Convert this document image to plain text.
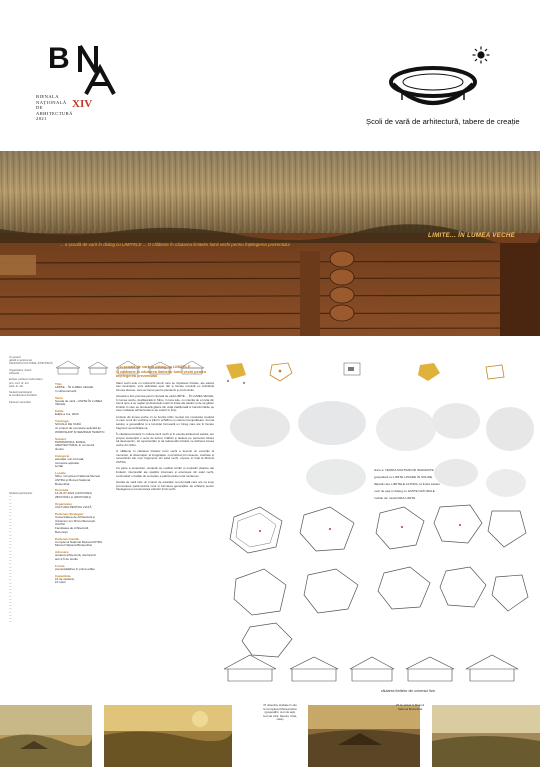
B
BIENALA
NAȚIONALĂ
DE
ARHITECTURĂ
2021
XIV
Școli de vară de arhitectură, tabere de creație
... o școală de vară în dialog cu LIMITELE ... O călătorie în căutarea limitelor lumii vechi pentru înțelegerea prezentului
LIMITE... ÎN LUMEA VECHE
Un proiect
gândit și susținut de
ASOCIAȚIA CULTURAL-ȘTIINȚIFICĂ

Organizatori, Autori:
Arhitecții ...

Echipa: profesori îndrumători
prin: conf. dr. arh.
asist. dr. arh.

Studenți participanți
la coordonarea lucrărilor

Partener secundari
Studenți participanți:
—
—
—
—
—
—
—
—
—
—
—
—
—
—
—
—
—
—
—
—
—
—
—
—
—
—
—
—
—
—
—
—
—
—
—
—
—
—
—
—
Titlu
LIMITE... ÎN LUMEA VECHE
în stil/construcții
Tema
Școala de vară - LIMITE ÎN LUMEA VECHE
Ediție
Ediția a II-a, 2020
Tipologie
ȘCOALĂ DE VARĂ
un proiect de cercetare aplicată tip
WORKSHOP ȘI SEMINAR TEMATIC
Subiect
PATRIMONIUL RURAL
ARHITECTURAL în contextul
timului
Categorie
educație non-formală,
cercetare aplicată,
lucrări
Locație
Sibiu, Complexul Național Muzeal
ASTRA și Muzeul Național
Brukenthal
Perioada
12-21.07.2021 (11/07/2021)
28/07/2021 și (20/07/2021)
Organizator
CULTURA PENTRU VIAȚĂ
Parteneri Strategici
Universitatea de Arhitectură și
Urbanism Ion Mincu București
UAUIM
Facultatea de Arhitectură
București
Parteneri Gazdă
Complexul Național Muzeal ASTRA
Muzeul Național Brukenthal
Adresare
studenți arhitectură, doctoranzi
anii 2-5 de studiu
Forma
prezențială/live în prima ediție
Capacitate
16 de studenți,
10 tutori
... o școală de vară în dialog cu LIMITELE
O călătorie în căutarea limitelor lumii vechi pentru
înțelegerea prezentului

Satul vechi este un mănunchi istoric care se împletesc limitele, ale satului sau locuințelor, sunt delimitate spre dar și fiecare locuință eu individual formea diverse, care au trecut pentru pandemii și prezentului.

Aceasta a fost premisa pentru Școala de vară LIMITE ... ÎN LUMEA VECHE, în lumea veche, desfășurată în Sibiu, în luna iulie, cu intenția de a invita din trecut spre a se regăsi profesioniștii noștri la limite ale satului și de sa găsim limitele în care se derulează găsire din viața tradițională și transformările pe care modelele arhitecturale le-au suferit în timp.

Limitele din lumea veche, în ce funcție trăim mental, fac constanta modului în care omul din vechime a trăit în echilibru cu natura înconjurătoare. Forma satului, a gospodăriei și a locuinței formează un întreg care are în fiecare fragment semnificația sa.

În căutarea limitelor în cultura lumii vechi și în esența arhitecturii satului, am propus studenților o serie de lecturi, întâlniri și ateliere pe parcursul cărora să descoperim, să reprezentăm și să redesenăm limitele ce definesc lumea veche din Sibiu.

O călătorie în căutarea limitelor lumii vechi a devenit un exercițiu al memoriei, al observației, al imaginației, concretizat prin desene, machete și reconstituiri ale unor fragmente din satul vechi, expuse în final la Muzeul ASTRA.

Ca parte a proiectului, studenții au realizat lucrări și explorări plastice ale limitelor, interpretări ale spațiilor interioare și exterioare din satul vechi, continuând o tradiție de cercetare a patrimoniului rural românesc.

Școala de vară este un proiect de educație non-formală care are ca scop promovarea patrimoniului rural și formarea generațiilor de arhitecți pentru înțelegerea și conservarea valorilor lumii vechi.

slaro a: TEORIA MULTIMILOR INGRADITE
gospodarii cu LIMITE LINIARE IN SOLIDE
tălpară care LIMITELE ALTORA, la limita satului
mori de apa in dialog cu LIMITE NATURALE
mobile de: casă FARA LIMITE
căutarea limitelor din universul fizic
47 obiective studiate în situ la Complexul Muzeal Astra (gospodării, mori de apă, mori de vânt, biserici, troițe, case)
25 de picturi în Muzeul Național Brukenthal
